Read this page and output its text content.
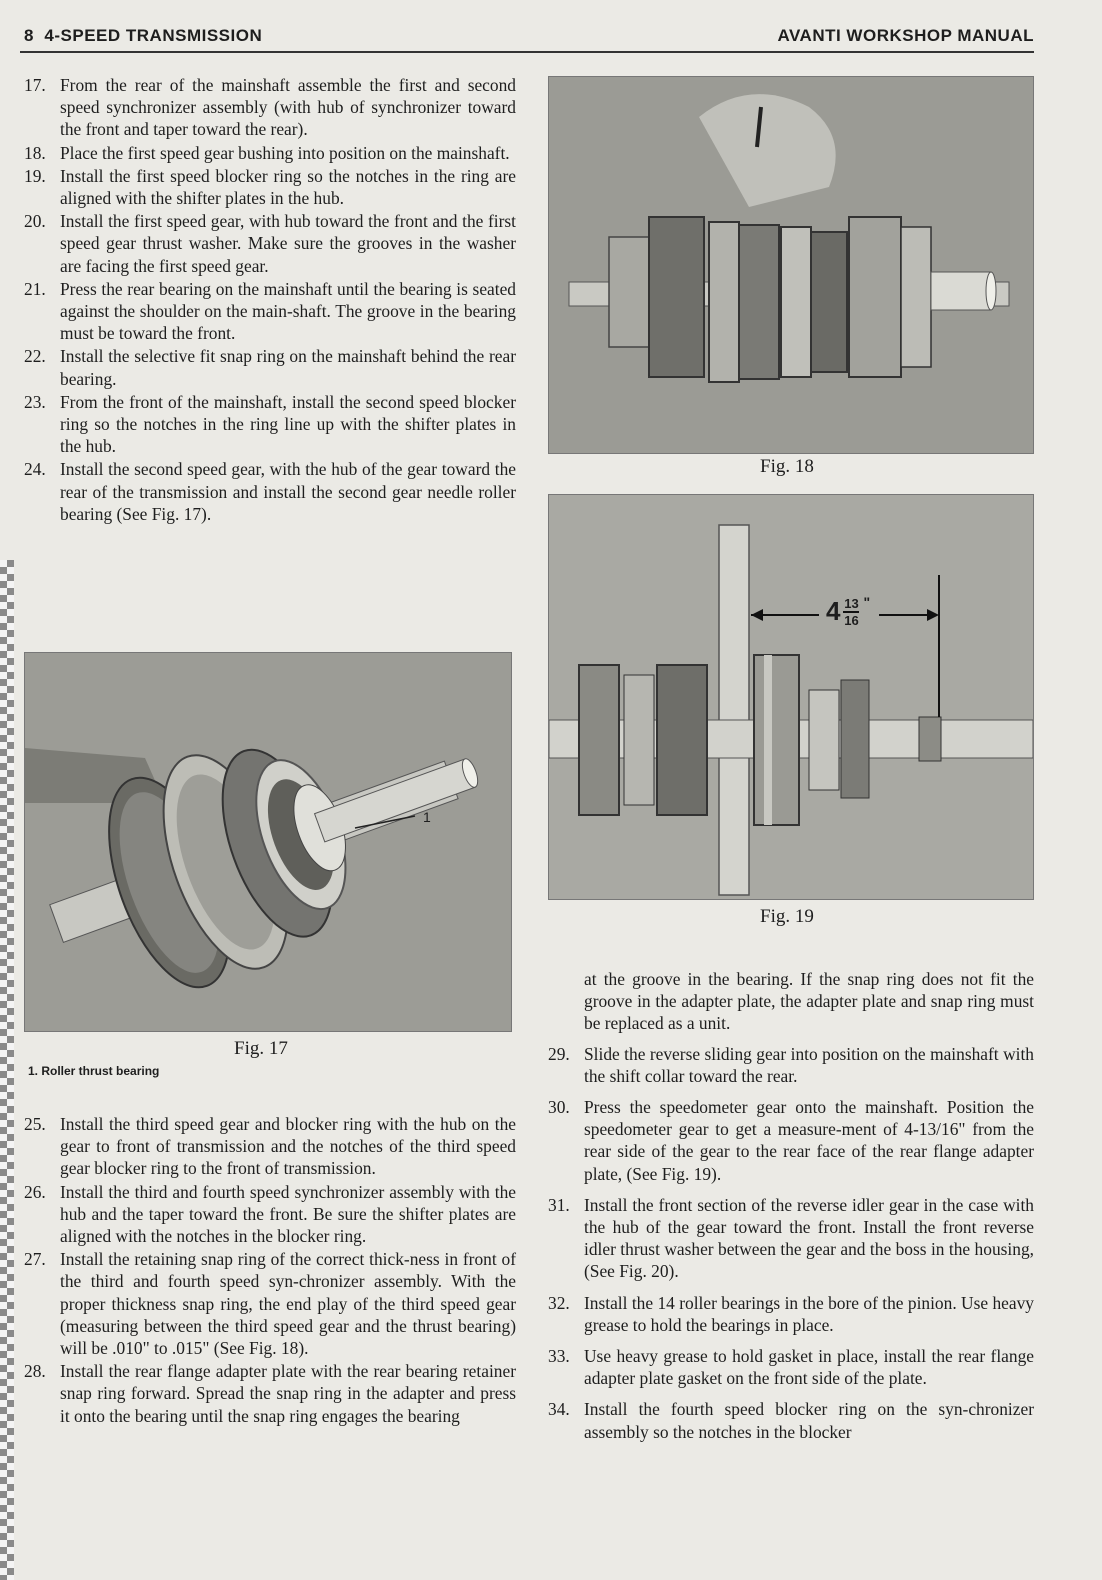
8 4-SPEED TRANSMISSION	AVANTI WORKSHOP MANUAL
17. From the rear of the mainshaft assemble the first and second speed synchronizer assembly (with hub of synchronizer toward the front and taper toward the rear).
18. Place the first speed gear bushing into position on the mainshaft.
19. Install the first speed blocker ring so the notches in the ring are aligned with the shifter plates in the hub.
20. Install the first speed gear, with hub toward the front and the first speed gear thrust washer. Make sure the grooves in the washer are facing the first speed gear.
21. Press the rear bearing on the mainshaft until the bearing is seated against the shoulder on the main-shaft. The groove in the bearing must be toward the front.
22. Install the selective fit snap ring on the mainshaft behind the rear bearing.
23. From the front of the mainshaft, install the second speed blocker ring so the notches in the ring line up with the shifter plates in the hub.
24. Install the second speed gear, with the hub of the gear toward the rear of the transmission and install the second gear needle roller bearing (See Fig. 17).
1
Fig. 17
1. Roller thrust bearing
25. Install the third speed gear and blocker ring with the hub on the gear to front of transmission and the notches of the third speed gear blocker ring to the front of transmission.
26. Install the third and fourth speed synchronizer assembly with the hub and the taper toward the front. Be sure the shifter plates are aligned with the notches in the blocker ring.
27. Install the retaining snap ring of the correct thick-ness in front of the third and fourth speed syn-chronizer assembly. With the proper thickness snap ring, the end play of the third speed gear (measuring between the third speed gear and the thrust bearing) will be .010" to .015" (See Fig. 18).
28. Install the rear flange adapter plate with the rear bearing retainer snap ring forward. Spread the snap ring in the adapter and press it onto the bearing until the snap ring engages the bearing
Fig. 18
$4 \frac{13}{16}$ "
Fig. 19
at the groove in the bearing. If the snap ring does not fit the groove in the adapter plate, the adapter plate and snap ring must be replaced as a unit.
29. Slide the reverse sliding gear into position on the mainshaft with the shift collar toward the rear.
30. Press the speedometer gear onto the mainshaft. Position the speedometer gear to get a measure-ment of 4-13/16" from the rear side of the gear to the rear face of the rear flange adapter plate, (See Fig. 19).
31. Install the front section of the reverse idler gear in the case with the hub of the gear toward the front. Install the front reverse idler thrust washer between the gear and the boss in the housing, (See Fig. 20).
32. Install the 14 roller bearings in the bore of the pinion. Use heavy grease to hold the bearings in place.
33. Use heavy grease to hold gasket in place, install the rear flange adapter plate gasket on the front side of the plate.
34. Install the fourth speed blocker ring on the syn-chronizer assembly so the notches in the blocker
